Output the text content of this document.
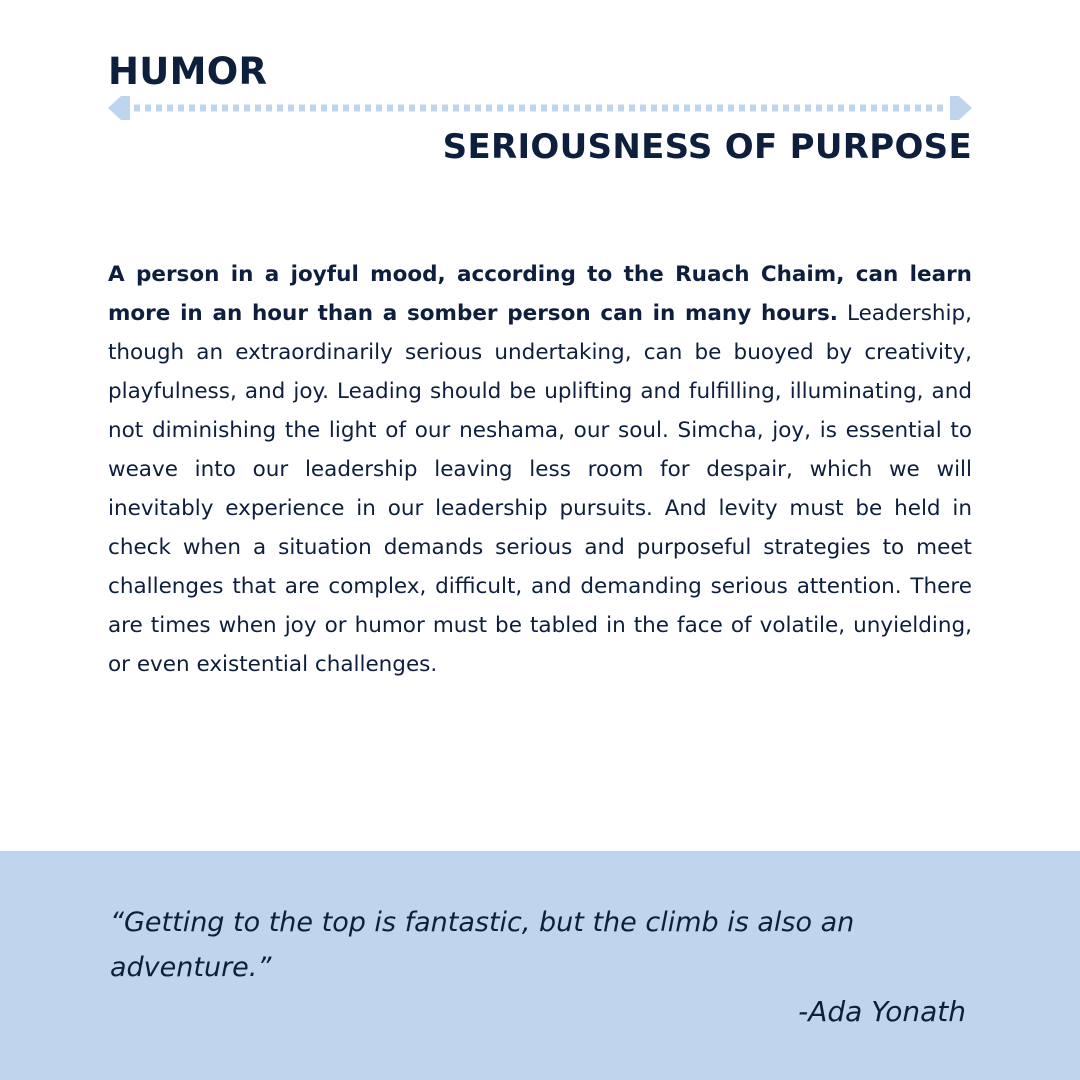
HUMOR
SERIOUSNESS OF PURPOSE

A person in a joyful mood, according to the Ruach Chaim, can learn more in an hour than a somber person can in many hours. Leadership, though an extraordinarily serious undertaking, can be buoyed by creativity, playfulness, and joy. Leading should be uplifting and fulfilling, illuminating, and not diminishing the light of our neshama, our soul. Simcha, joy, is essential to weave into our leadership leaving less room for despair, which we will inevitably experience in our leadership pursuits. And levity must be held in check when a situation demands serious and purposeful strategies to meet challenges that are complex, difficult, and demanding serious attention. There are times when joy or humor must be tabled in the face of volatile, unyielding, or even existential challenges.

“Getting to the top is fantastic, but the climb is also an adventure.”

-Ada Yonath
